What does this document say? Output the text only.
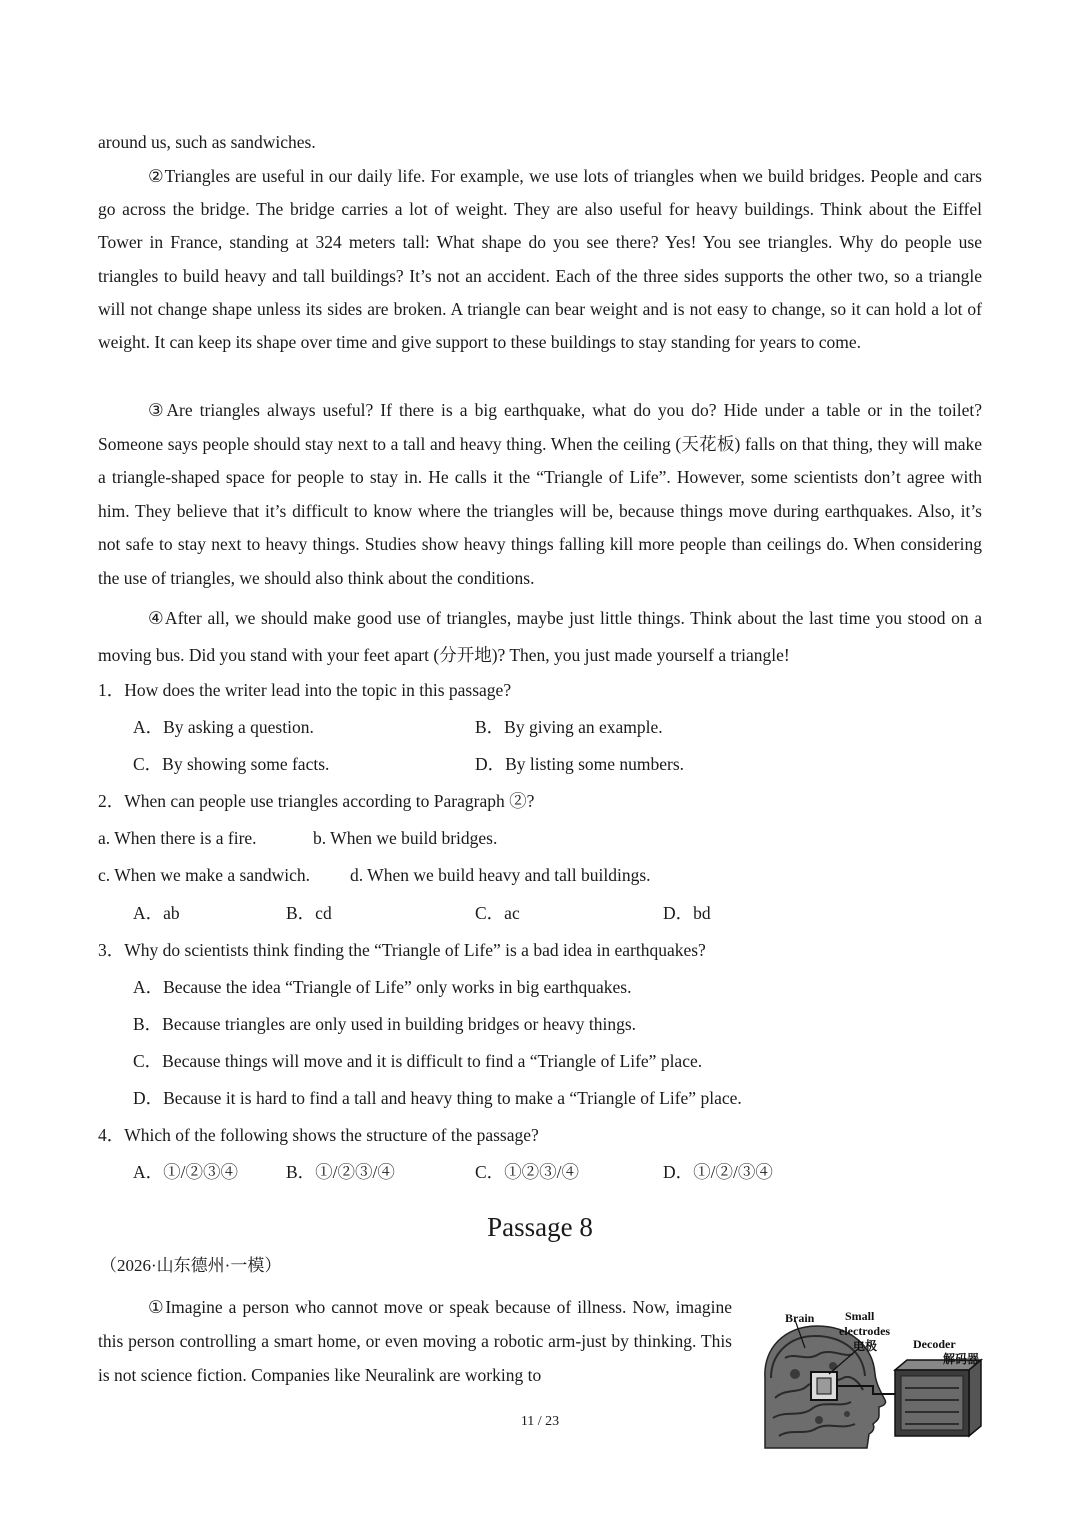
around us, such as sandwiches.

②Triangles are useful in our daily life. For example, we use lots of triangles when we build bridges. People and cars go across the bridge. The bridge carries a lot of weight. They are also useful for heavy buildings. Think about the Eiffel Tower in France, standing at 324 meters tall: What shape do you see there? Yes! You see triangles. Why do people use triangles to build heavy and tall buildings? It’s not an accident. Each of the three sides supports the other two, so a triangle will not change shape unless its sides are broken. A triangle can bear weight and is not easy to change, so it can hold a lot of weight. It can keep its shape over time and give support to these buildings to stay standing for years to come.

③Are triangles always useful? If there is a big earthquake, what do you do? Hide under a table or in the toilet? Someone says people should stay next to a tall and heavy thing. When the ceiling (天花板) falls on that thing, they will make a triangle-shaped space for people to stay in. He calls it the “Triangle of Life”. However, some scientists don’t agree with him. They believe that it’s difficult to know where the triangles will be, because things move during earthquakes. Also, it’s not safe to stay next to heavy things. Studies show heavy things falling kill more people than ceilings do. When considering the use of triangles, we should also think about the conditions.

④After all, we should make good use of triangles, maybe just little things. Think about the last time you stood on a moving bus. Did you stand with your feet apart (分开地)? Then, you just made yourself a triangle!

1．How does the writer lead into the topic in this passage?
A．By asking a question.	B．By giving an example.
C．By showing some facts.	D．By listing some numbers.
2．When can people use triangles according to Paragraph ②?
a. When there is a fire.	b. When we build bridges.
c. When we make a sandwich. d. When we build heavy and tall buildings.
A．ab	B．cd	C．ac	D．bd
3．Why do scientists think finding the “Triangle of Life” is a bad idea in earthquakes?
A．Because the idea “Triangle of Life” only works in big earthquakes.
B．Because triangles are only used in building bridges or heavy things.
C．Because things will move and it is difficult to find a “Triangle of Life” place.
D．Because it is hard to find a tall and heavy thing to make a “Triangle of Life” place.
4．Which of the following shows the structure of the passage?
A．①/②③④	B．①/②③/④	C．①②③/④	D．①/②/③④
Passage 8
（2026·山东德州·一模）

①Imagine a person who cannot move or speak because of illness. Now, imagine this person controlling a smart home, or even moving a robotic arm-just by thinking. This is not science fiction. Companies like Neuralink are working to

Brain	Small
electrodes
电极	Decoder
解码器
11 / 23
